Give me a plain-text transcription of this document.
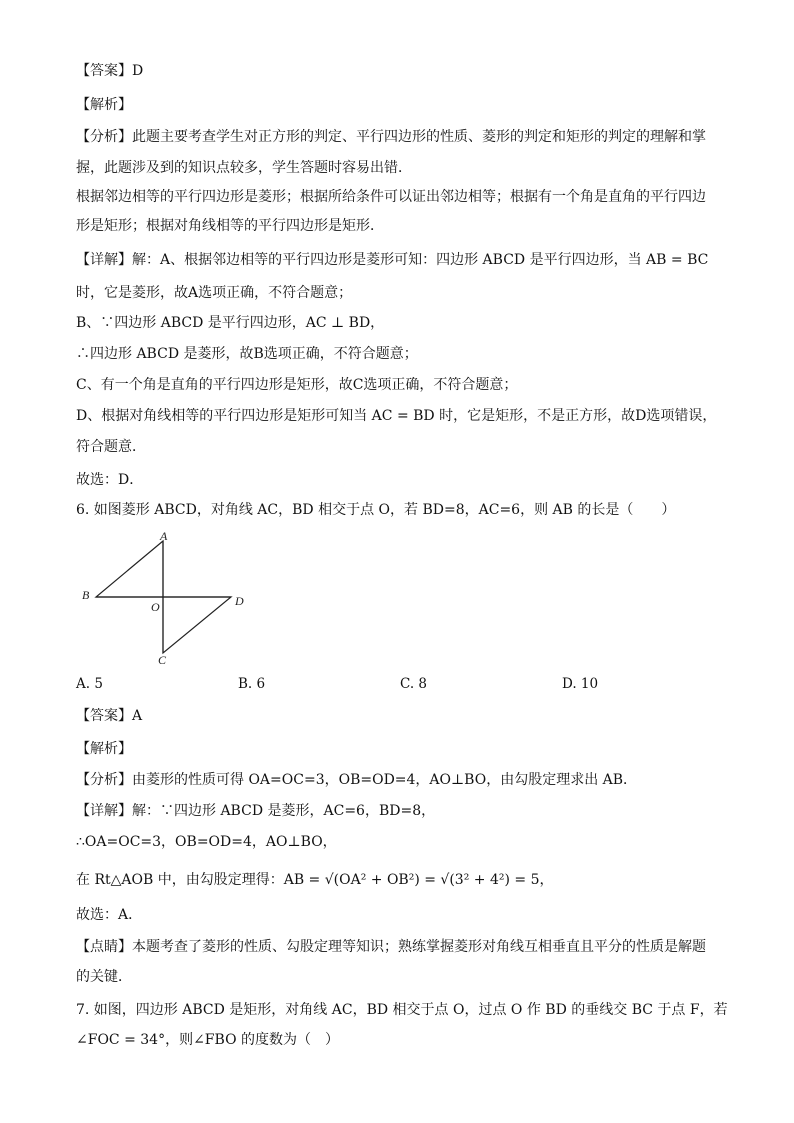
【答案】D
【解析】
【分析】此题主要考查学生对正方形的判定、平行四边形的性质、菱形的判定和矩形的判定的理解和掌
握，此题涉及到的知识点较多，学生答题时容易出错．
根据邻边相等的平行四边形是菱形；根据所给条件可以证出邻边相等；根据有一个角是直角的平行四边
形是矩形；根据对角线相等的平行四边形是矩形．
【详解】解：A、根据邻边相等的平行四边形是菱形可知：四边形 ABCD 是平行四边形，当 AB = BC
时，它是菱形，故A选项正确，不符合题意；
B、∵四边形 ABCD 是平行四边形，AC ⊥ BD，
∴四边形 ABCD 是菱形，故B选项正确，不符合题意；
C、有一个角是直角的平行四边形是矩形，故C选项正确，不符合题意；
D、根据对角线相等的平行四边形是矩形可知当 AC = BD 时，它是矩形，不是正方形，故D选项错误，
符合题意．
故选：D．
6. 如图菱形 ABCD，对角线 AC，BD 相交于点 O，若 BD=8，AC=6，则 AB 的长是（　　）
A
B
O	D
C
A. 5	B. 6	C. 8	D. 10
【答案】A
【解析】
【分析】由菱形的性质可得 OA=OC=3，OB=OD=4，AO⊥BO，由勾股定理求出 AB．
【详解】解：∵四边形 ABCD 是菱形，AC=6，BD=8，
∴OA=OC=3，OB=OD=4，AO⊥BO，
在 Rt△AOB 中，由勾股定理得：AB = √(OA² + OB²) = √(3² + 4²) = 5，
故选：A．
【点睛】本题考查了菱形的性质、勾股定理等知识；熟练掌握菱形对角线互相垂直且平分的性质是解题
的关键．
7. 如图，四边形 ABCD 是矩形，对角线 AC，BD 相交于点 O，过点 O 作 BD 的垂线交 BC 于点 F，若
∠FOC = 34°，则∠FBO 的度数为（　）
